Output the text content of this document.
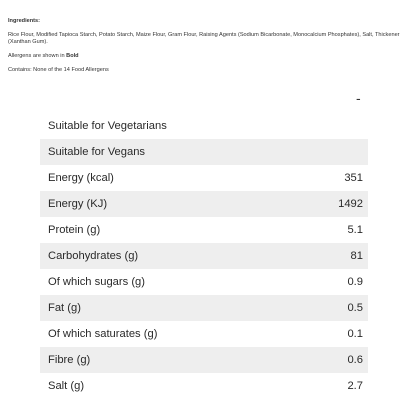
Ingredients:
Rice Flour, Modified Tapioca Starch, Potato Starch, Maize Flour, Gram Flour, Raising Agents (Sodium Bicarbonate, Monocalcium Phosphates), Salt, Thickener (Xanthan Gum).
Allergens are shown in Bold
Contains: None of the 14 Food Allergens
-
Suitable for Vegetarians
Suitable for Vegans
Energy (kcal)	351
Energy (KJ)	1492
Protein (g)	5.1
Carbohydrates (g)	81
Of which sugars (g)	0.9
Fat (g)	0.5
Of which saturates (g)	0.1
Fibre (g)	0.6
Salt (g)	2.7
